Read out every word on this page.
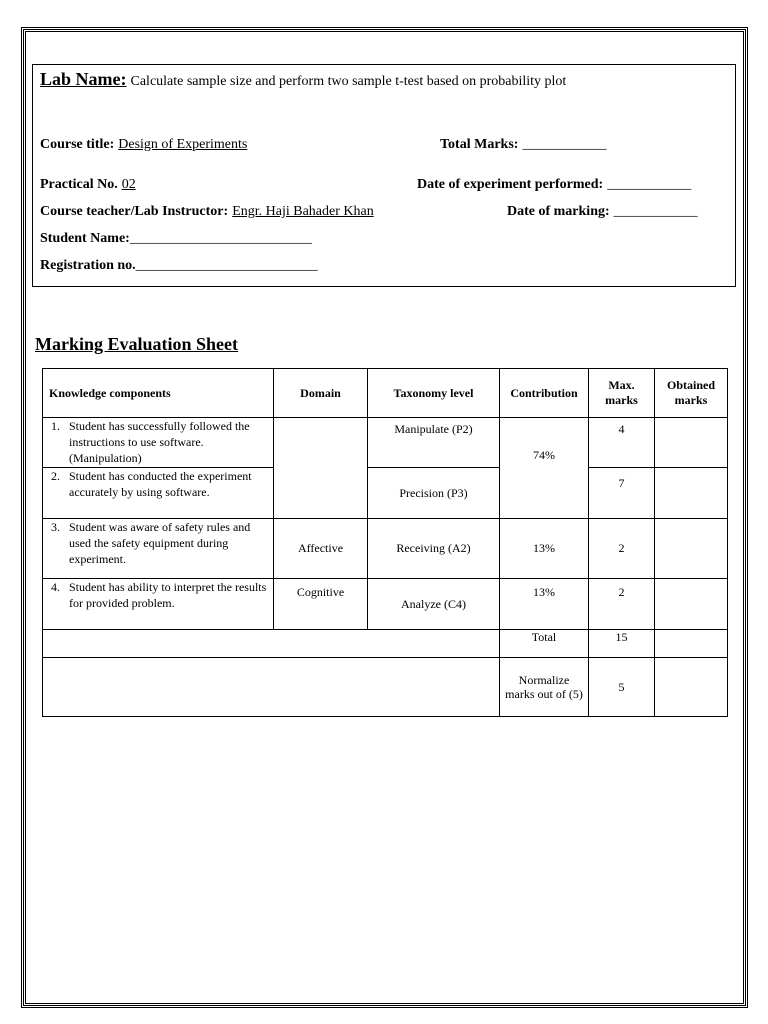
Lab Name: Calculate sample size and perform two sample t-test based on probability plot
Course title: Design of Experiments	Total Marks: ____________
Practical No. 02	Date of experiment performed: ____________
Course teacher/Lab Instructor: Engr. Haji Bahader Khan	Date of marking: ____________
Student Name:__________________________
Registration no.__________________________
Marking Evaluation Sheet
Knowledge components	Domain	Taxonomy level	Contribution	Max. marks	Obtained marks

1. Student has successfully followed the instructions to use software. (Manipulation)		Manipulate (P2)	74%	4	

2. Student has conducted the experiment accurately by using software.		Precision (P3)		7	

3. Student was aware of safety rules and used the safety equipment during experiment.	Affective	Receiving (A2)	13%	2	

4. Student has ability to interpret the results for provided problem.	Cognitive	Analyze (C4)	13%	2	
			Total	15	
			Normalize marks out of (5)	5	
